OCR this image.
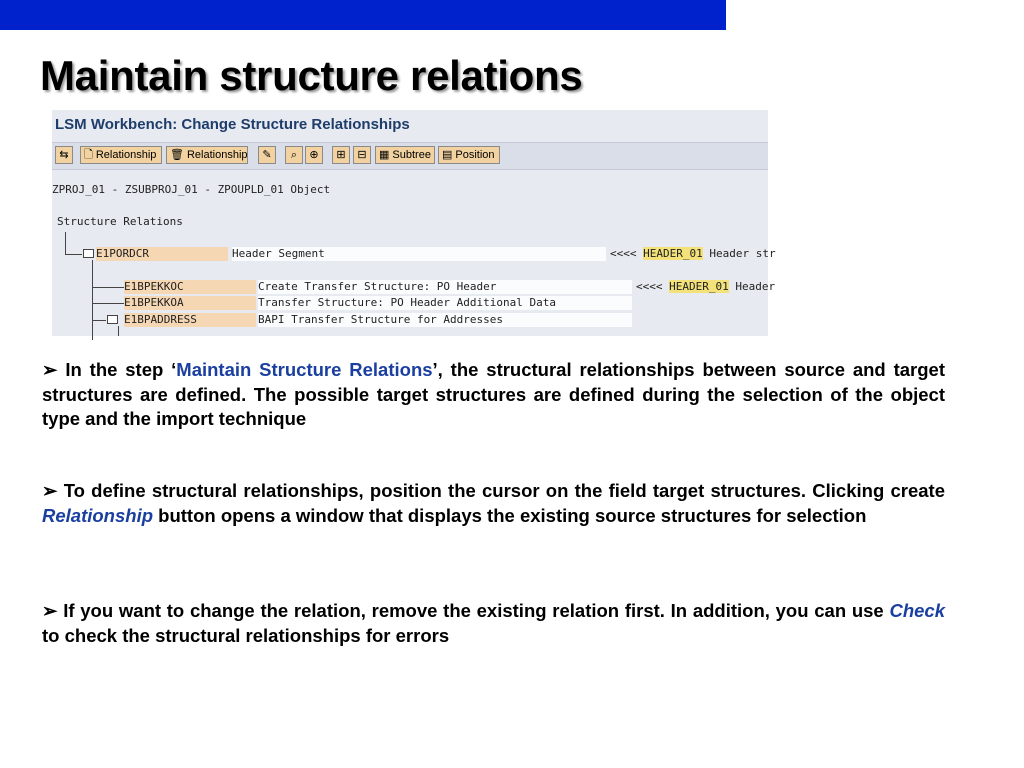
Maintain structure relations
LSM Workbench: Change Structure Relationships
⇆ 🗋 Relationship 🗑 Relationship ✎ ⌕ ⊕ ⊞ ⊟ ▦ Subtree ▤ Position
ZPROJ_01 - ZSUBPROJ_01 - ZPOUPLD_01 Object
Structure Relations
E1PORDCR	Header Segment	<<<< HEADER_01 Header str
E1BPEKKOC	Create Transfer Structure: PO Header	<<<< HEADER_01 Header
E1BPEKKOA	Transfer Structure: PO Header Additional Data
E1BPADDRESS	BAPI Transfer Structure for Addresses

➢ In the step ‘Maintain Structure Relations’, the structural relationships between source and target structures are defined. The possible target structures are defined during the selection of the object type and the import technique

➢ To define structural relationships, position the cursor on the field target structures. Clicking create Relationship button opens a window that displays the existing source structures for selection

➢ If you want to change the relation, remove the existing relation first. In addition, you can use Check to check the structural relationships for errors
